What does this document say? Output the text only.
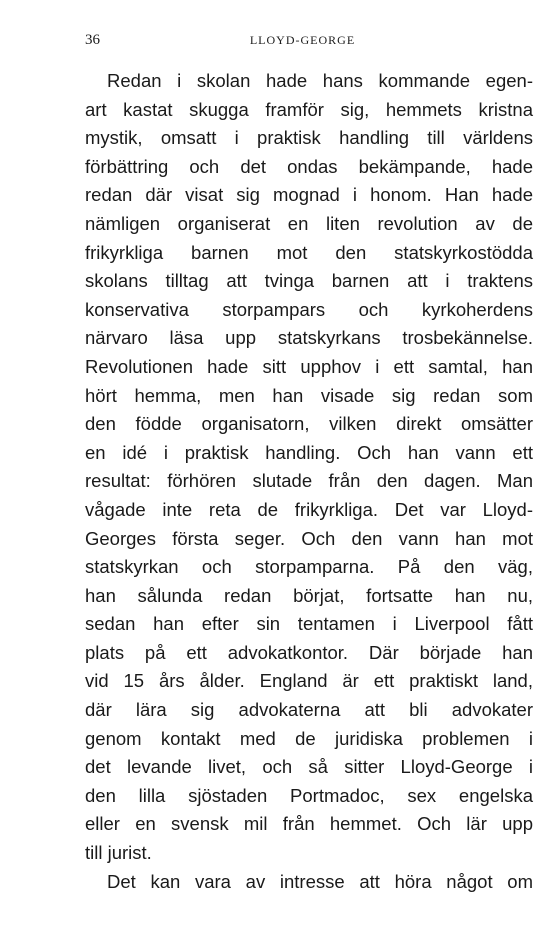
36	LLOYD-GEORGE
Redan i skolan hade hans kommande egen-
art kastat skugga framför sig, hemmets kristna
mystik, omsatt i praktisk handling till världens
förbättring och det ondas bekämpande, hade
redan där visat sig mognad i honom. Han hade
nämligen organiserat en liten revolution av de
frikyrkliga barnen mot den statskyrkostödda
skolans tilltag att tvinga barnen att i traktens
konservativa storpampars och kyrkoherdens
närvaro läsa upp statskyrkans trosbekännelse.
Revolutionen hade sitt upphov i ett samtal, han
hört hemma, men han visade sig redan som
den födde organisatorn, vilken direkt omsätter
en idé i praktisk handling. Och han vann ett
resultat: förhören slutade från den dagen. Man
vågade inte reta de frikyrkliga. Det var Lloyd-
Georges första seger. Och den vann han mot
statskyrkan och storpamparna. På den väg,
han sålunda redan börjat, fortsatte han nu,
sedan han efter sin tentamen i Liverpool fått
plats på ett advokatkontor. Där började han
vid 15 års ålder. England är ett praktiskt land,
där lära sig advokaterna att bli advokater
genom kontakt med de juridiska problemen i
det levande livet, och så sitter Lloyd-George i
den lilla sjöstaden Portmadoc, sex engelska
eller en svensk mil från hemmet. Och lär upp
till jurist.
Det kan vara av intresse att höra något om
